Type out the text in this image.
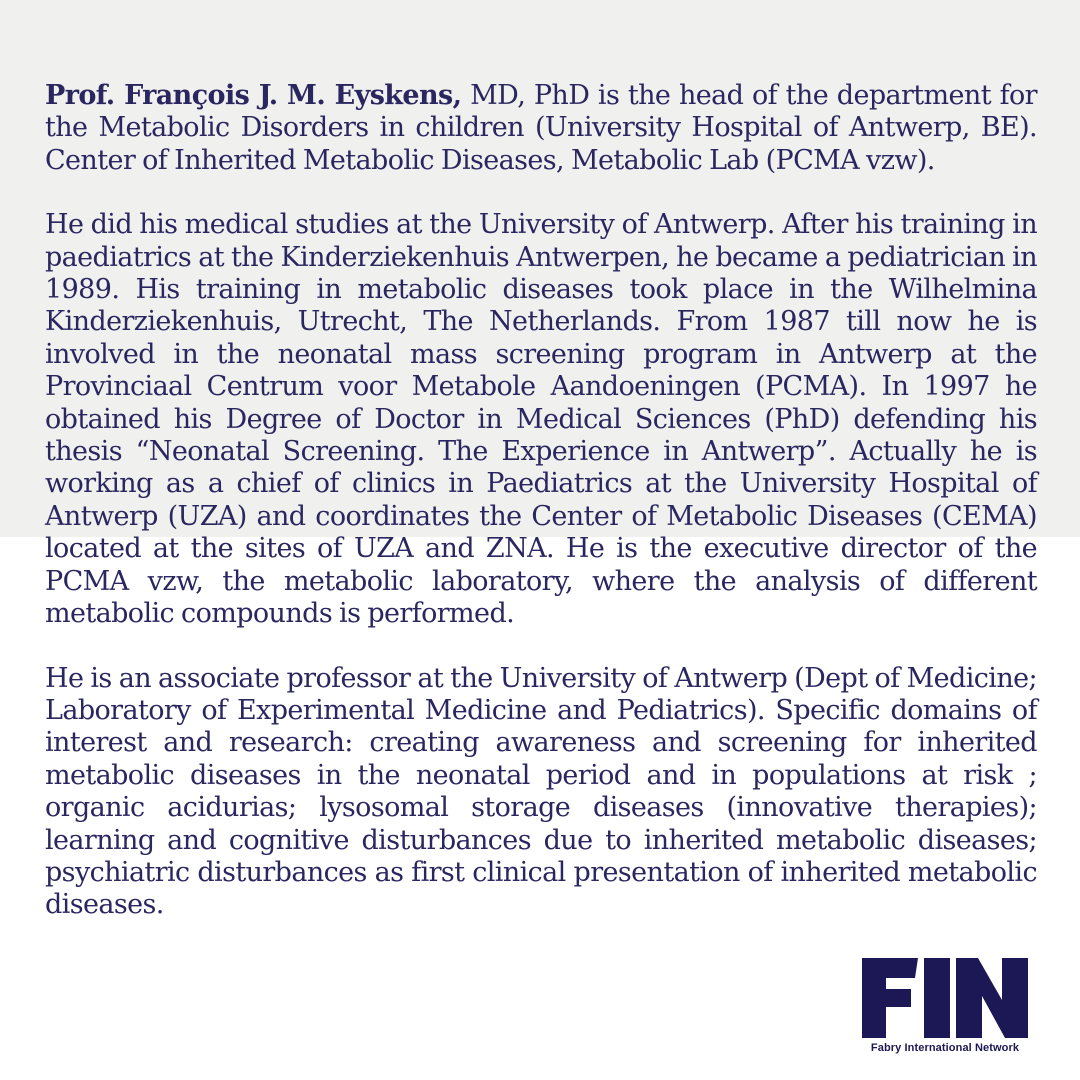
Prof. François J. M. Eyskens, MD, PhD is the head of the department for the Metabolic Disorders in children (University Hospital of Antwerp, BE). Center of Inherited Metabolic Diseases, Metabolic Lab (PCMA vzw).

He did his medical studies at the University of Antwerp. After his training in paediatrics at the Kinderziekenhuis Antwerpen, he became a pediatrician in 1989. His training in metabolic diseases took place in the Wilhelmina Kinderziekenhuis, Utrecht, The Netherlands. From 1987 till now he is involved in the neonatal mass screening program in Antwerp at the Provinciaal Centrum voor Metabole Aandoeningen (PCMA). In 1997 he obtained his Degree of Doctor in Medical Sciences (PhD) defending his thesis “Neonatal Screening. The Experience in Antwerp”. Actually he is working as a chief of clinics in Paediatrics at the University Hospital of Antwerp (UZA) and coordinates the Center of Metabolic Diseases (CEMA) located at the sites of UZA and ZNA. He is the executive director of the PCMA vzw, the metabolic laboratory, where the analysis of different metabolic compounds is performed.

He is an associate professor at the University of Antwerp (Dept of Medicine; Laboratory of Experimental Medicine and Pediatrics). Specific domains of interest and research: creating awareness and screening for inherited metabolic diseases in the neonatal period and in populations at risk ; organic acidurias; lysosomal storage diseases (innovative therapies); learning and cognitive disturbances due to inherited metabolic diseases; psychiatric disturbances as first clinical presentation of inherited metabolic diseases.

Fabry International Network
